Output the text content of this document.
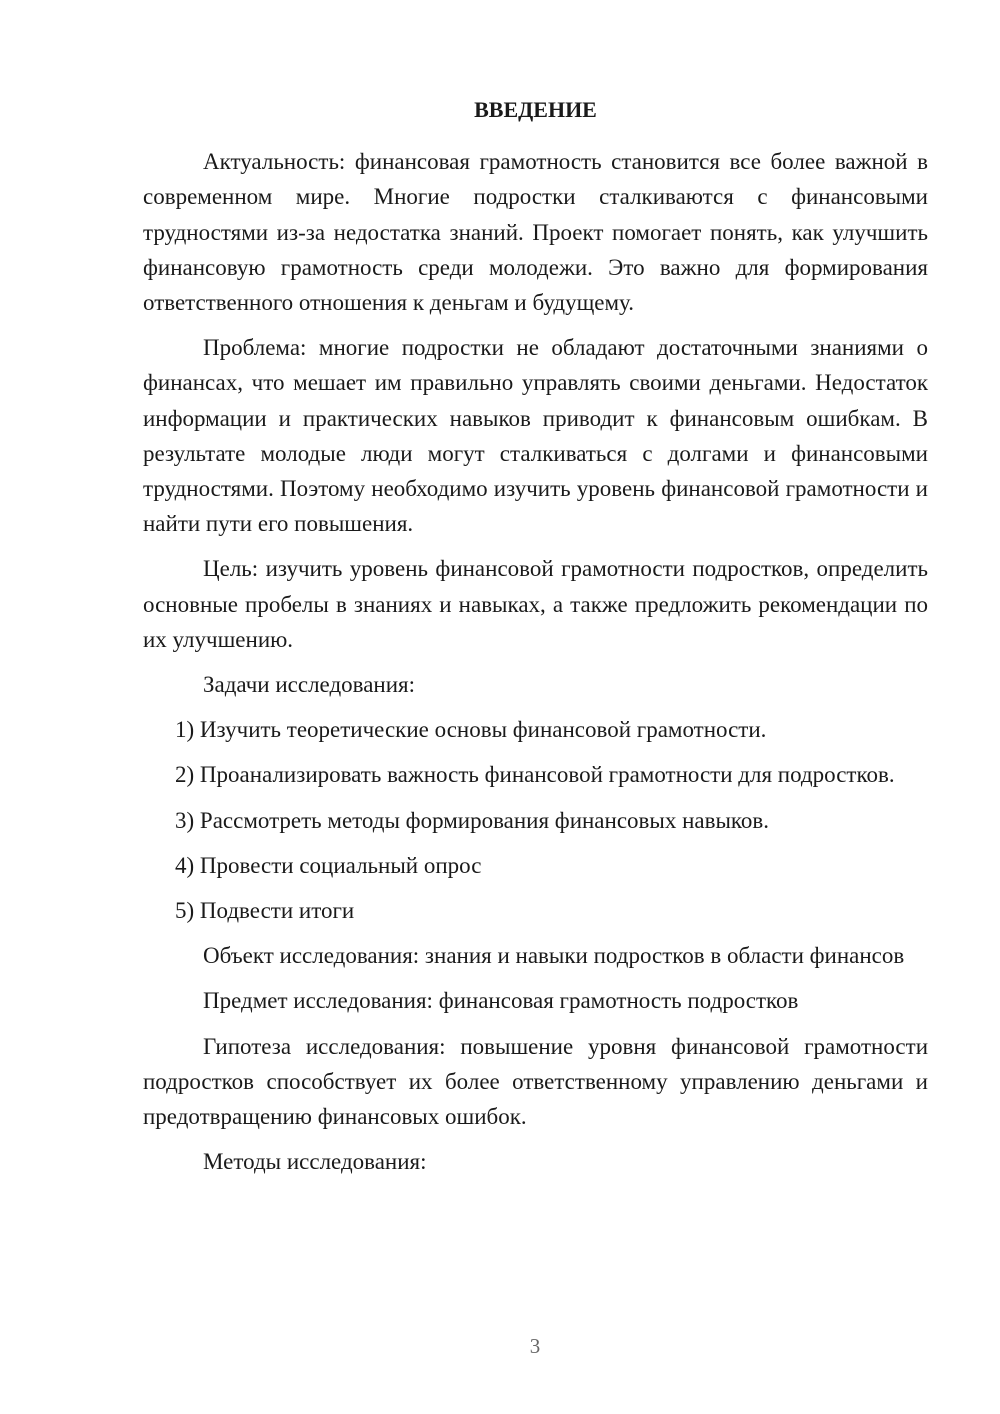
ВВЕДЕНИЕ

Актуальность: финансовая грамотность становится все более важной в современном мире. Многие подростки сталкиваются с финансовыми трудностями из-за недостатка знаний. Проект помогает понять, как улучшить финансовую грамотность среди молодежи. Это важно для формирования ответственного отношения к деньгам и будущему.

Проблема: многие подростки не обладают достаточными знаниями о финансах, что мешает им правильно управлять своими деньгами. Недостаток информации и практических навыков приводит к финансовым ошибкам. В результате молодые люди могут сталкиваться с долгами и финансовыми трудностями. Поэтому необходимо изучить уровень финансовой грамотности и найти пути его повышения.

Цель: изучить уровень финансовой грамотности подростков, определить основные пробелы в знаниях и навыках, а также предложить рекомендации по их улучшению.

Задачи исследования:

1) Изучить теоретические основы финансовой грамотности.

2) Проанализировать важность финансовой грамотности для подростков.

3) Рассмотреть методы формирования финансовых навыков.

4) Провести социальный опрос

5) Подвести итоги

Объект исследования: знания и навыки подростков в области финансов

Предмет исследования: финансовая грамотность подростков

Гипотеза исследования: повышение уровня финансовой грамотности подростков способствует их более ответственному управлению деньгами и предотвращению финансовых ошибок.

Методы исследования:

3
